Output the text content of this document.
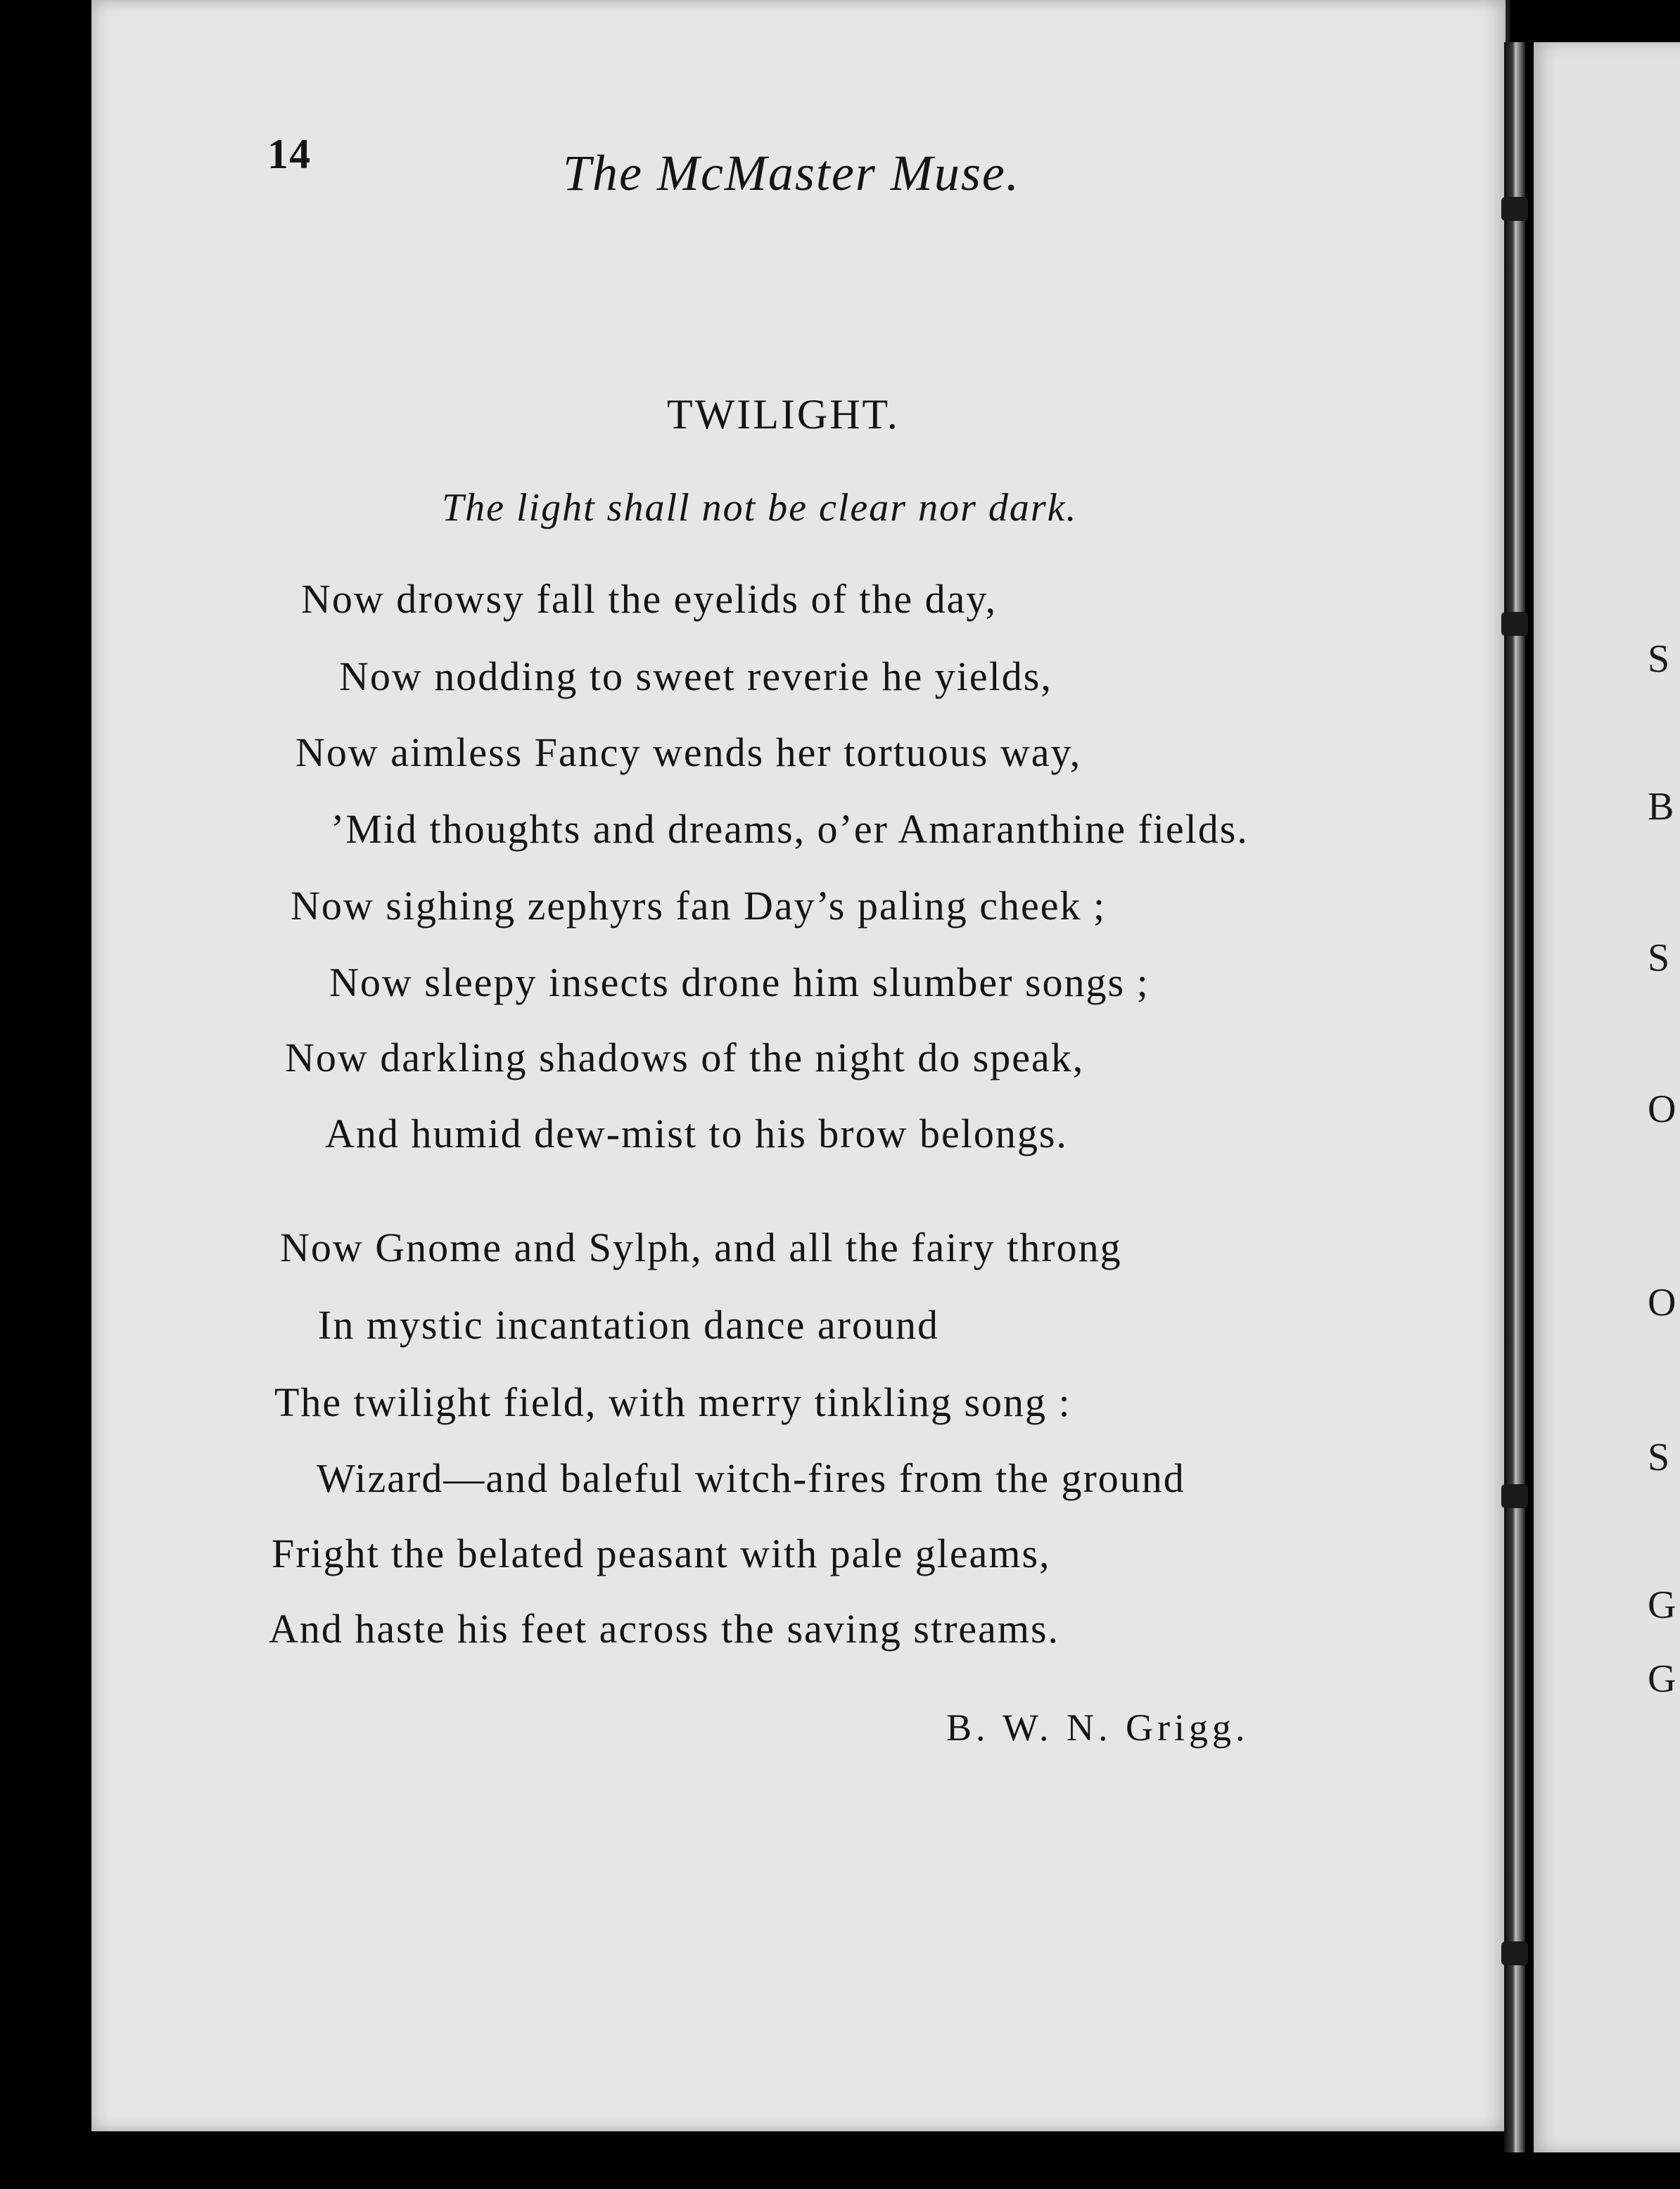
14	The McMaster Muse.
TWILIGHT.
The light shall not be clear nor dark.
Now drowsy fall the eyelids of the day,
Now nodding to sweet reverie he yields,
Now aimless Fancy wends her tortuous way,
’Mid thoughts and dreams, o’er Amaranthine fields.
Now sighing zephyrs fan Day’s paling cheek ;
Now sleepy insects drone him slumber songs ;
Now darkling shadows of the night do speak,
And humid dew-mist to his brow belongs.
Now Gnome and Sylph, and all the fairy throng
In mystic incantation dance around
The twilight field, with merry tinkling song :
Wizard—and baleful witch-fires from the ground
Fright the belated peasant with pale gleams,
And haste his feet across the saving streams.
B. W. N. Grigg.
S
B
S
O
O
S
G
G
